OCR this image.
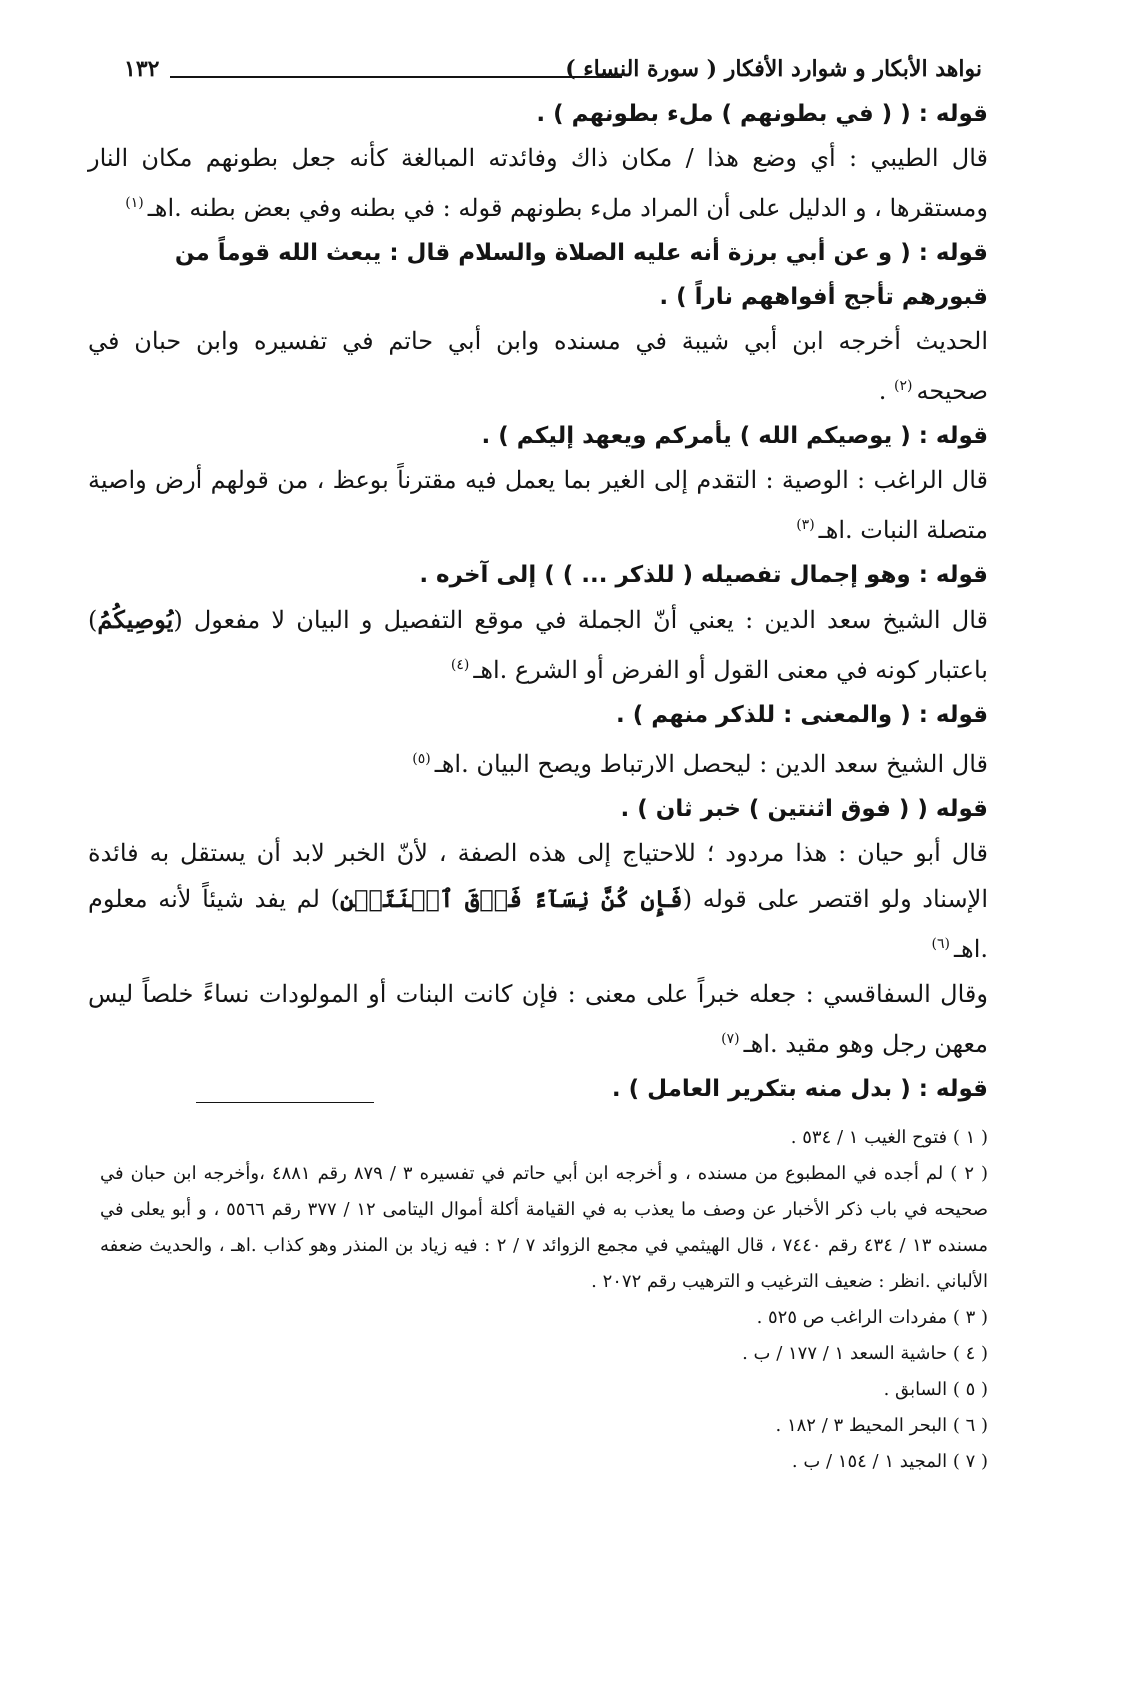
نواهد الأبكار و شوارد الأفكار ( سورة النساء )
١٣٢

قوله : ( ( في بطونهم ) ملء بطونهم ) .

قال الطيبي : أي وضع هذا / مكان ذاك وفائدته المبالغة كأنه جعل بطونهم مكان النار ومستقرها ، و الدليل على أن المراد ملء بطونهم قوله : في بطنه وفي بعض بطنه .اهـ$^{(١)}$

قوله : ( و عن أبي برزة أنه عليه الصلاة والسلام قال : يبعث الله قوماً من قبورهم تأجج أفواههم ناراً ) .

الحديث أخرجه ابن أبي شيبة في مسنده وابن أبي حاتم في تفسيره وابن حبان في صحيحه$^{(٢)}$ .

قوله : ( يوصيكم الله ) يأمركم ويعهد إليكم ) .

قال الراغب : الوصية : التقدم إلى الغير بما يعمل فيه مقترناً بوعظ ، من قولهم أرض واصية متصلة النبات .اهـ$^{(٣)}$

قوله : وهو إجمال تفصيله ( للذكر ... ) ) إلى آخره .

قال الشيخ سعد الدين : يعني أنّ الجملة في موقع التفصيل و البيان لا مفعول (يُوصِيكُمُ) باعتبار كونه في معنى القول أو الفرض أو الشرع .اهـ$^{(٤)}$

قوله : ( والمعنى : للذكر منهم ) .

قال الشيخ سعد الدين : ليحصل الارتباط ويصح البيان .اهـ$^{(٥)}$

قوله ( ( فوق اثنتين ) خبر ثان ) .

قال أبو حيان : هذا مردود ؛ للاحتياج إلى هذه الصفة ، لأنّ الخبر لابد أن يستقل به فائدة الإسناد ولو اقتصر على قوله (فَإِن كُنَّ نِسَآءً فَوۡقَ ٱثۡنَتَيۡنِ) لم يفد شيئاً لأنه معلوم .اهـ$^{(٦)}$

وقال السفاقسي : جعله خبراً على معنى : فإن كانت البنات أو المولودات نساءً خلصاً ليس معهن رجل وهو مقيد .اهـ$^{(٧)}$

قوله : ( بدل منه بتكرير العامل ) .

( ١ ) فتوح الغيب ١ / ٥٣٤ .

( ٢ ) لم أجده في المطبوع من مسنده ، و أخرجه ابن أبي حاتم في تفسيره ٣ / ٨٧٩ رقم ٤٨٨١ ،وأخرجه ابن حبان في صحيحه في باب ذكر الأخبار عن وصف ما يعذب به في القيامة أكلة أموال اليتامى ١٢ / ٣٧٧ رقم ٥٥٦٦ ، و أبو يعلى في مسنده ١٣ / ٤٣٤ رقم ٧٤٤٠ ، قال الهيثمي في مجمع الزوائد ٧ / ٢ : فيه زياد بن المنذر وهو كذاب .اهـ ، والحديث ضعفه الألباني .انظر : ضعيف الترغيب و الترهيب رقم ٢٠٧٢ .

( ٣ ) مفردات الراغب ص ٥٢٥ .

( ٤ ) حاشية السعد ١ / ١٧٧ / ب .

( ٥ ) السابق .

( ٦ ) البحر المحيط ٣ / ١٨٢ .

( ٧ ) المجيد ١ / ١٥٤ / ب .
